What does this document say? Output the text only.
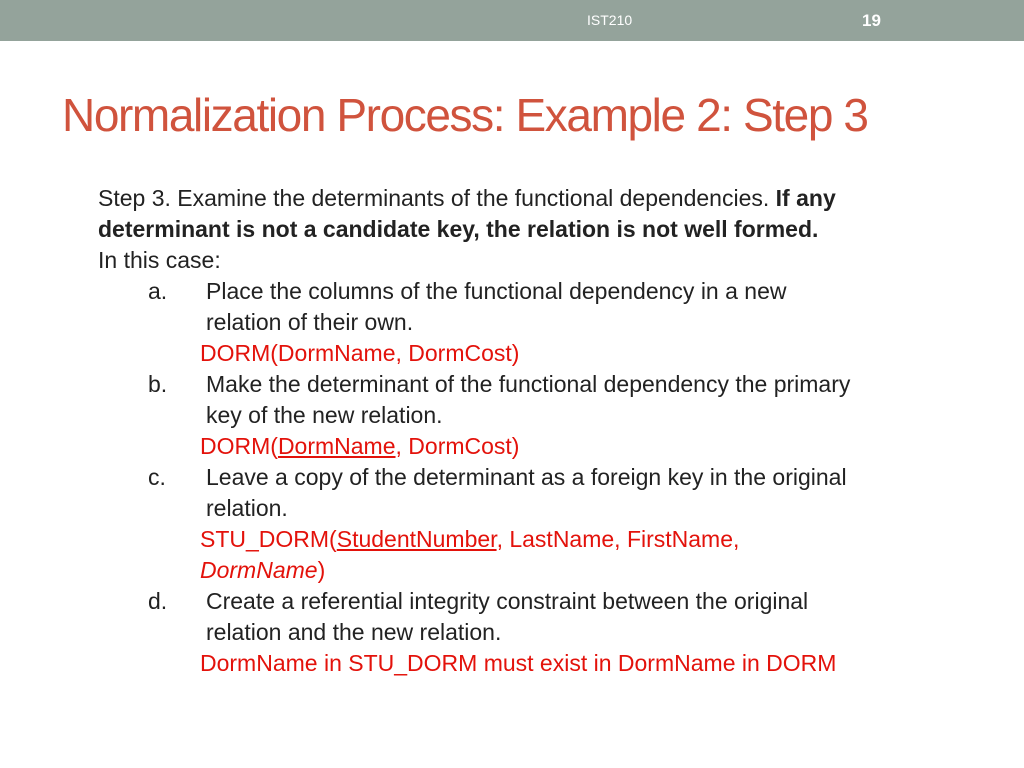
IST210	19
Normalization Process: Example 2: Step 3
Step 3. Examine the determinants of the functional dependencies. If any
determinant is not a candidate key, the relation is not well formed.
In this case:
a. Place the columns of the functional dependency in a new
relation of their own.
DORM(DormName, DormCost)
b. Make the determinant of the functional dependency the primary
key of the new relation.
DORM(DormName, DormCost)
c. Leave a copy of the determinant as a foreign key in the original
relation.
STU_DORM(StudentNumber, LastName, FirstName,
DormName)
d. Create a referential integrity constraint between the original
relation and the new relation.
DormName in STU_DORM must exist in DormName in DORM
